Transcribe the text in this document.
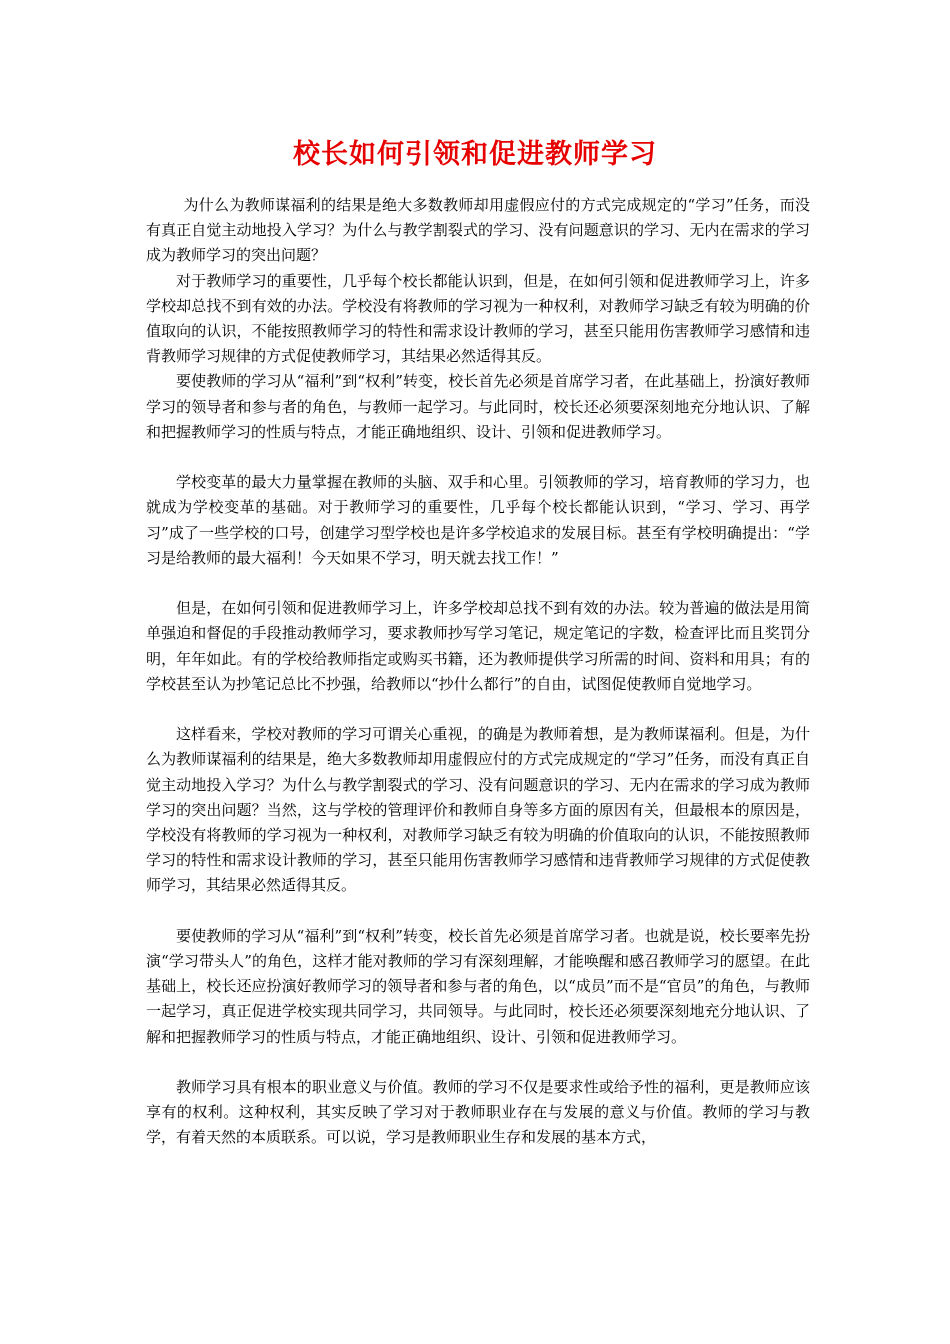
校长如何引领和促进教师学习

为什么为教师谋福利的结果是绝大多数教师却用虚假应付的方式完成规定的“学习”任务，而没有真正自觉主动地投入学习？为什么与教学割裂式的学习、没有问题意识的学习、无内在需求的学习成为教师学习的突出问题？

对于教师学习的重要性，几乎每个校长都能认识到，但是，在如何引领和促进教师学习上，许多学校却总找不到有效的办法。学校没有将教师的学习视为一种权利，对教师学习缺乏有较为明确的价值取向的认识，不能按照教师学习的特性和需求设计教师的学习，甚至只能用伤害教师学习感情和违背教师学习规律的方式促使教师学习，其结果必然适得其反。

要使教师的学习从“福利”到“权利”转变，校长首先必须是首席学习者，在此基础上，扮演好教师学习的领导者和参与者的角色，与教师一起学习。与此同时，校长还必须要深刻地充分地认识、了解和把握教师学习的性质与特点，才能正确地组织、设计、引领和促进教师学习。

学校变革的最大力量掌握在教师的头脑、双手和心里。引领教师的学习，培育教师的学习力，也就成为学校变革的基础。对于教师学习的重要性，几乎每个校长都能认识到，“学习、学习、再学习”成了一些学校的口号，创建学习型学校也是许多学校追求的发展目标。甚至有学校明确提出：“学习是给教师的最大福利！今天如果不学习，明天就去找工作！”

但是，在如何引领和促进教师学习上，许多学校却总找不到有效的办法。较为普遍的做法是用简单强迫和督促的手段推动教师学习，要求教师抄写学习笔记，规定笔记的字数，检查评比而且奖罚分明，年年如此。有的学校给教师指定或购买书籍，还为教师提供学习所需的时间、资料和用具；有的学校甚至认为抄笔记总比不抄强，给教师以“抄什么都行”的自由，试图促使教师自觉地学习。

这样看来，学校对教师的学习可谓关心重视，的确是为教师着想，是为教师谋福利。但是，为什么为教师谋福利的结果是，绝大多数教师却用虚假应付的方式完成规定的“学习”任务，而没有真正自觉主动地投入学习？为什么与教学割裂式的学习、没有问题意识的学习、无内在需求的学习成为教师学习的突出问题？当然，这与学校的管理评价和教师自身等多方面的原因有关，但最根本的原因是，学校没有将教师的学习视为一种权利，对教师学习缺乏有较为明确的价值取向的认识，不能按照教师学习的特性和需求设计教师的学习，甚至只能用伤害教师学习感情和违背教师学习规律的方式促使教师学习，其结果必然适得其反。

要使教师的学习从“福利”到“权利”转变，校长首先必须是首席学习者。也就是说，校长要率先扮演“学习带头人”的角色，这样才能对教师的学习有深刻理解，才能唤醒和感召教师学习的愿望。在此基础上，校长还应扮演好教师学习的领导者和参与者的角色，以“成员”而不是“官员”的角色，与教师一起学习，真正促进学校实现共同学习，共同领导。与此同时，校长还必须要深刻地充分地认识、了解和把握教师学习的性质与特点，才能正确地组织、设计、引领和促进教师学习。

教师学习具有根本的职业意义与价值。教师的学习不仅是要求性或给予性的福利，更是教师应该享有的权利。这种权利，其实反映了学习对于教师职业存在与发展的意义与价值。教师的学习与教学，有着天然的本质联系。可以说，学习是教师职业生存和发展的基本方式，
